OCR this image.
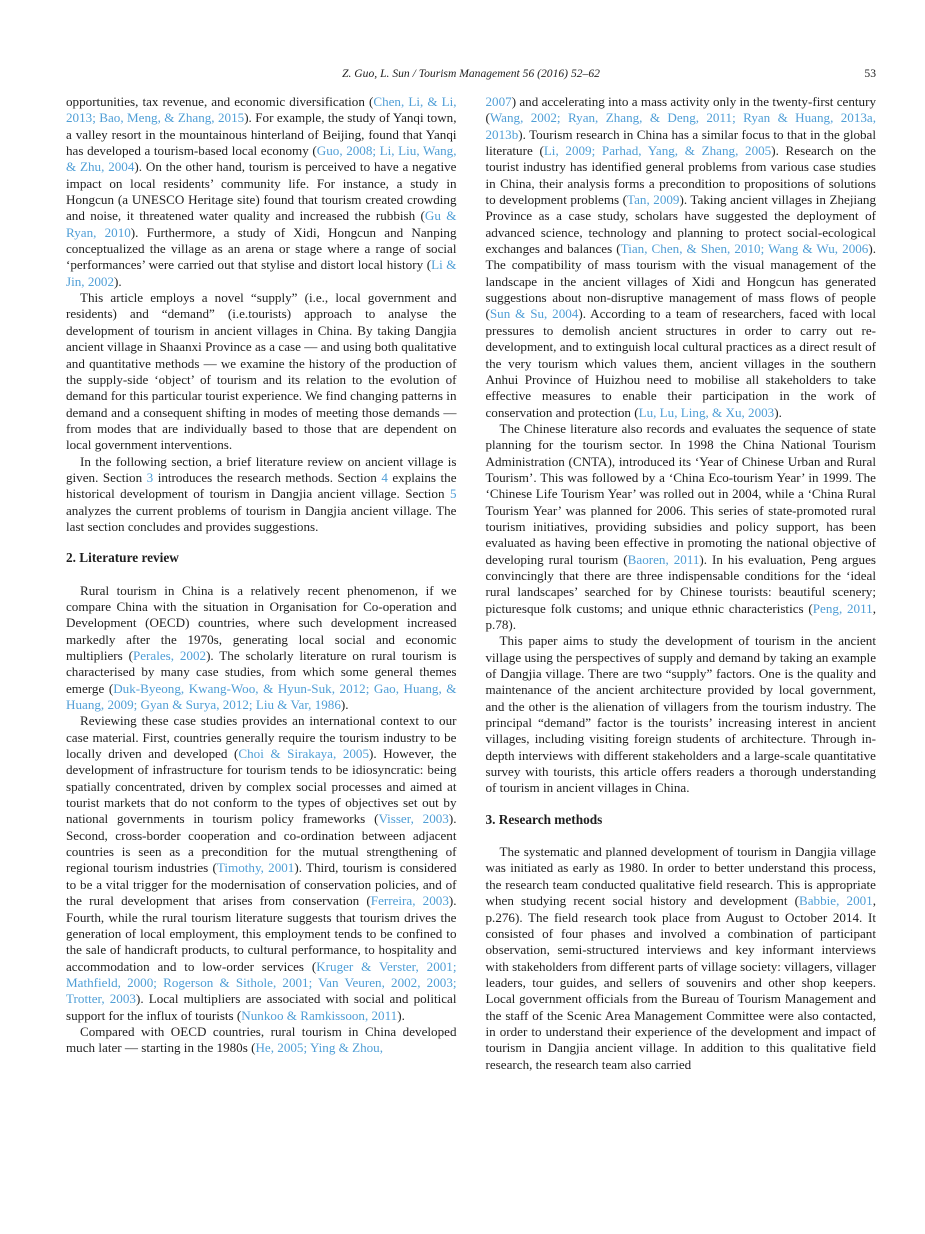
Z. Guo, L. Sun / Tourism Management 56 (2016) 52–62	53

opportunities, tax revenue, and economic diversification (Chen, Li, & Li, 2013; Bao, Meng, & Zhang, 2015). For example, the study of Yanqi town, a valley resort in the mountainous hinterland of Beijing, found that Yanqi has developed a tourism-based local economy (Guo, 2008; Li, Liu, Wang, & Zhu, 2004). On the other hand, tourism is perceived to have a negative impact on local residents’ community life. For instance, a study in Hongcun (a UNESCO Heritage site) found that tourism created crowding and noise, it threatened water quality and increased the rubbish (Gu & Ryan, 2010). Furthermore, a study of Xidi, Hongcun and Nanping conceptualized the village as an arena or stage where a range of social ‘performances’ were carried out that stylise and distort local history (Li & Jin, 2002).

This article employs a novel “supply” (i.e., local government and residents) and “demand” (i.e.tourists) approach to analyse the development of tourism in ancient villages in China. By taking Dangjia ancient village in Shaanxi Province as a case — and using both qualitative and quantitative methods — we examine the history of the production of the supply-side ‘object’ of tourism and its relation to the evolution of demand for this particular tourist experience. We find changing patterns in demand and a consequent shifting in modes of meeting those demands — from modes that are individually based to those that are dependent on local government interventions.

In the following section, a brief literature review on ancient village is given. Section 3 introduces the research methods. Section 4 explains the historical development of tourism in Dangjia ancient village. Section 5 analyzes the current problems of tourism in Dangjia ancient village. The last section concludes and provides suggestions.

2. Literature review

Rural tourism in China is a relatively recent phenomenon, if we compare China with the situation in Organisation for Co-operation and Development (OECD) countries, where such development increased markedly after the 1970s, generating local social and economic multipliers (Perales, 2002). The scholarly literature on rural tourism is characterised by many case studies, from which some general themes emerge (Duk-Byeong, Kwang-Woo, & Hyun-Suk, 2012; Gao, Huang, & Huang, 2009; Gyan & Surya, 2012; Liu & Var, 1986).

Reviewing these case studies provides an international context to our case material. First, countries generally require the tourism industry to be locally driven and developed (Choi & Sirakaya, 2005). However, the development of infrastructure for tourism tends to be idiosyncratic: being spatially concentrated, driven by complex social processes and aimed at tourist markets that do not conform to the types of objectives set out by national governments in tourism policy frameworks (Visser, 2003). Second, cross-border cooperation and co-ordination between adjacent countries is seen as a precondition for the mutual strengthening of regional tourism industries (Timothy, 2001). Third, tourism is considered to be a vital trigger for the modernisation of conservation policies, and of the rural development that arises from conservation (Ferreira, 2003). Fourth, while the rural tourism literature suggests that tourism drives the generation of local employment, this employment tends to be confined to the sale of handicraft products, to cultural performance, to hospitality and accommodation and to low-order services (Kruger & Verster, 2001; Mathfield, 2000; Rogerson & Sithole, 2001; Van Veuren, 2002, 2003; Trotter, 2003). Local multipliers are associated with social and political support for the influx of tourists (Nunkoo & Ramkissoon, 2011).

Compared with OECD countries, rural tourism in China developed much later — starting in the 1980s (He, 2005; Ying & Zhou,

2007) and accelerating into a mass activity only in the twenty-first century (Wang, 2002; Ryan, Zhang, & Deng, 2011; Ryan & Huang, 2013a, 2013b). Tourism research in China has a similar focus to that in the global literature (Li, 2009; Parhad, Yang, & Zhang, 2005). Research on the tourist industry has identified general problems from various case studies in China, their analysis forms a precondition to propositions of solutions to development problems (Tan, 2009). Taking ancient villages in Zhejiang Province as a case study, scholars have suggested the deployment of advanced science, technology and planning to protect social-ecological exchanges and balances (Tian, Chen, & Shen, 2010; Wang & Wu, 2006). The compatibility of mass tourism with the visual management of the landscape in the ancient villages of Xidi and Hongcun has generated suggestions about non-disruptive management of mass flows of people (Sun & Su, 2004). According to a team of researchers, faced with local pressures to demolish ancient structures in order to carry out re-development, and to extinguish local cultural practices as a direct result of the very tourism which values them, ancient villages in the southern Anhui Province of Huizhou need to mobilise all stakeholders to take effective measures to enable their participation in the work of conservation and protection (Lu, Lu, Ling, & Xu, 2003).

The Chinese literature also records and evaluates the sequence of state planning for the tourism sector. In 1998 the China National Tourism Administration (CNTA), introduced its ‘Year of Chinese Urban and Rural Tourism’. This was followed by a ‘China Eco-tourism Year’ in 1999. The ‘Chinese Life Tourism Year’ was rolled out in 2004, while a ‘China Rural Tourism Year’ was planned for 2006. This series of state-promoted rural tourism initiatives, providing subsidies and policy support, has been evaluated as having been effective in promoting the national objective of developing rural tourism (Baoren, 2011). In his evaluation, Peng argues convincingly that there are three indispensable conditions for the ‘ideal rural landscapes’ searched for by Chinese tourists: beautiful scenery; picturesque folk customs; and unique ethnic characteristics (Peng, 2011, p.78).

This paper aims to study the development of tourism in the ancient village using the perspectives of supply and demand by taking an example of Dangjia village. There are two “supply” factors. One is the quality and maintenance of the ancient architecture provided by local government, and the other is the alienation of villagers from the tourism industry. The principal “demand” factor is the tourists’ increasing interest in ancient villages, including visiting foreign students of architecture. Through in-depth interviews with different stakeholders and a large-scale quantitative survey with tourists, this article offers readers a thorough understanding of tourism in ancient villages in China.

3. Research methods

The systematic and planned development of tourism in Dangjia village was initiated as early as 1980. In order to better understand this process, the research team conducted qualitative field research. This is appropriate when studying recent social history and development (Babbie, 2001, p.276). The field research took place from August to October 2014. It consisted of four phases and involved a combination of participant observation, semi-structured interviews and key informant interviews with stakeholders from different parts of village society: villagers, villager leaders, tour guides, and sellers of souvenirs and other shop keepers. Local government officials from the Bureau of Tourism Management and the staff of the Scenic Area Management Committee were also contacted, in order to understand their experience of the development and impact of tourism in Dangjia ancient village. In addition to this qualitative field research, the research team also carried
